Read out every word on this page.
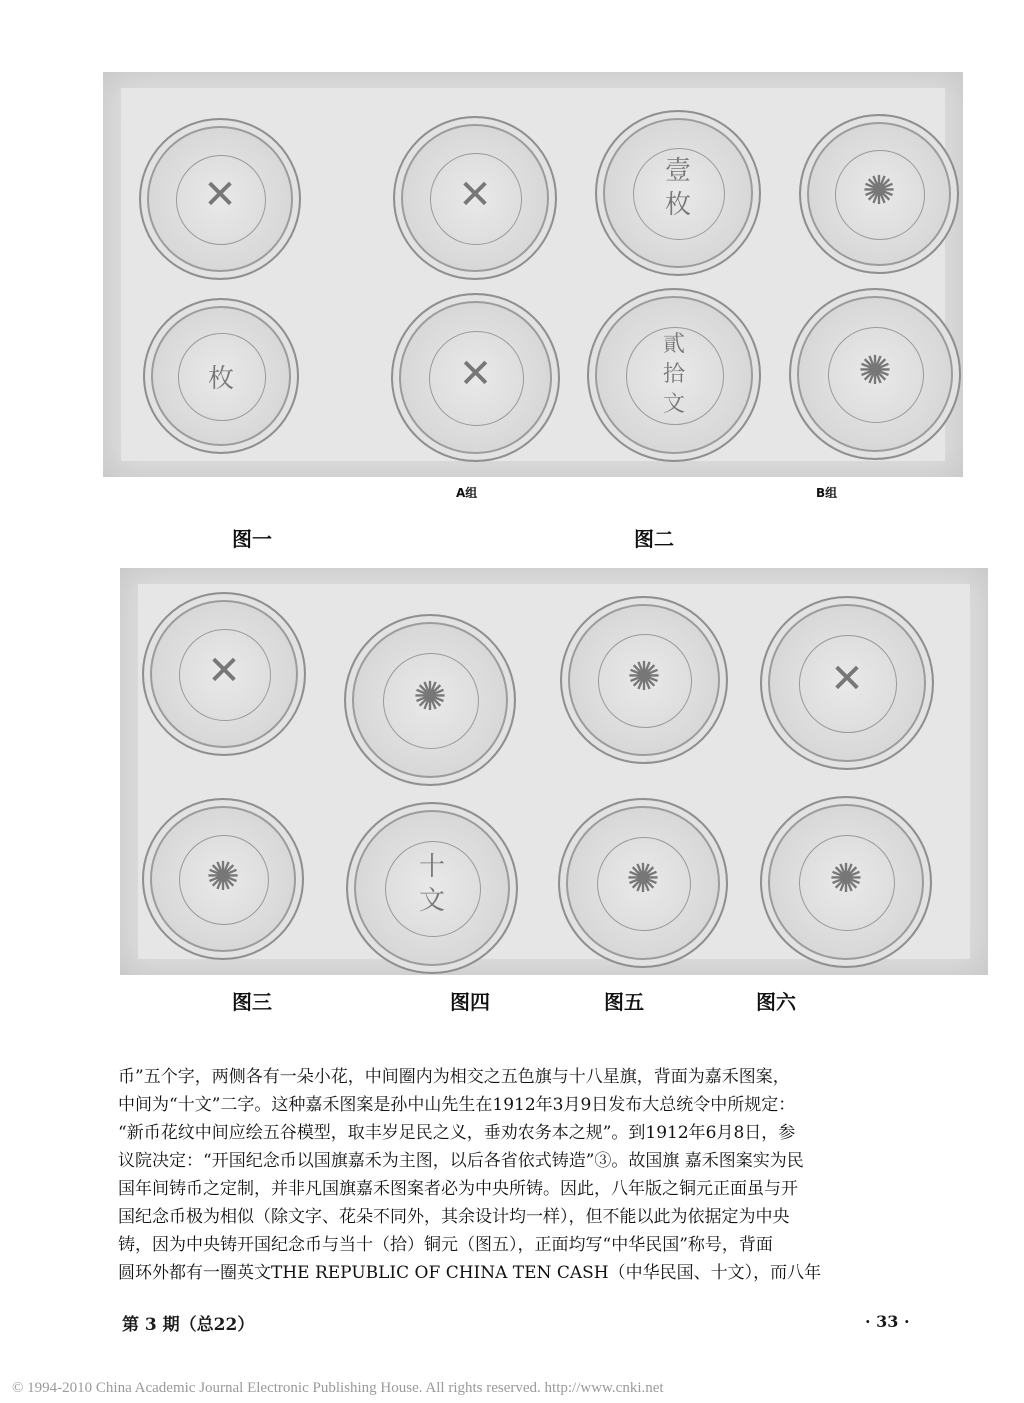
✕
枚
✕
✕
壹
枚
貳
拾
文
✺
✺
A组	B组
图一	图二
✕
✺
✺
十
文
✺
✺
✕
✺
图三	图四	图五	图六

币”五个字，两侧各有一朵小花，中间圈内为相交之五色旗与十八星旗，背面为嘉禾图案，

中间为“十文”二字。这种嘉禾图案是孙中山先生在1912年3月9日发布大总统令中所规定：

“新币花纹中间应绘五谷模型，取丰岁足民之义，垂劝农务本之规”。到1912年6月8日，参

议院决定：“开国纪念币以国旗嘉禾为主图，以后各省依式铸造”③。故国旗 嘉禾图案实为民

国年间铸币之定制，并非凡国旗嘉禾图案者必为中央所铸。因此，八年版之铜元正面虽与开

国纪念币极为相似（除文字、花朵不同外，其余设计均一样），但不能以此为依据定为中央

铸，因为中央铸开国纪念币与当十（拾）铜元（图五），正面均写“中华民国”称号，背面

圆环外都有一圈英文THE REPUBLIC OF CHINA TEN CASH（中华民国、十文），而八年

第 3 期（总22）	· 33 ·
© 1994-2010 China Academic Journal Electronic Publishing House. All rights reserved. http://www.cnki.net
